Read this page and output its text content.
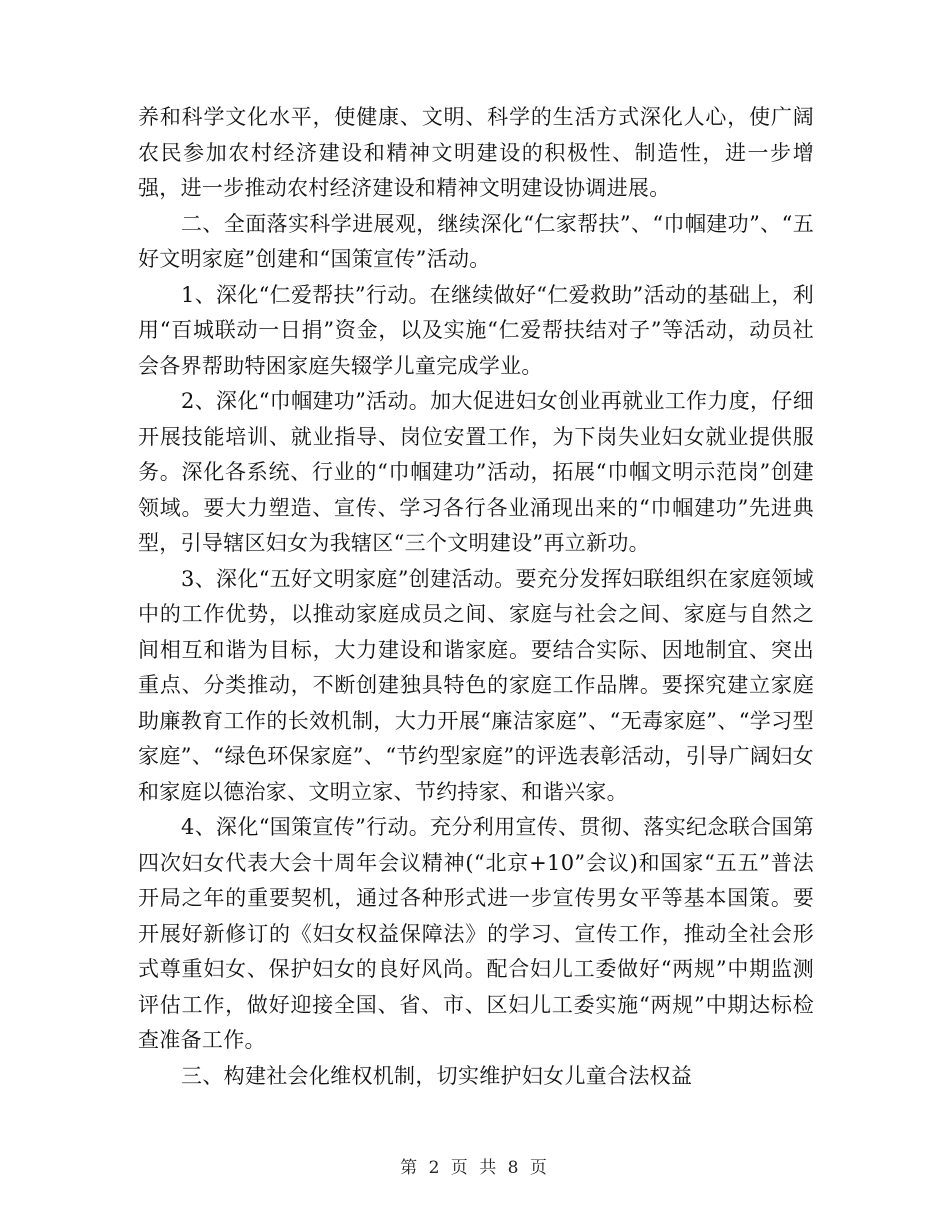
养和科学文化水平，使健康、文明、科学的生活方式深化人心，使广阔农民参加农村经济建设和精神文明建设的积极性、制造性，进一步增强，进一步推动农村经济建设和精神文明建设协调进展。

二、全面落实科学进展观，继续深化“仁家帮扶”、“巾帼建功”、“五好文明家庭”创建和“国策宣传”活动。

1、深化“仁爱帮扶”行动。在继续做好“仁爱救助”活动的基础上，利用“百城联动一日捐”资金，以及实施“仁爱帮扶结对子”等活动，动员社会各界帮助特困家庭失辍学儿童完成学业。

2、深化“巾帼建功”活动。加大促进妇女创业再就业工作力度，仔细开展技能培训、就业指导、岗位安置工作，为下岗失业妇女就业提供服务。深化各系统、行业的“巾帼建功”活动，拓展“巾帼文明示范岗”创建领域。要大力塑造、宣传、学习各行各业涌现出来的“巾帼建功”先进典型，引导辖区妇女为我辖区“三个文明建设”再立新功。

3、深化“五好文明家庭”创建活动。要充分发挥妇联组织在家庭领域中的工作优势，以推动家庭成员之间、家庭与社会之间、家庭与自然之间相互和谐为目标，大力建设和谐家庭。要结合实际、因地制宜、突出重点、分类推动，不断创建独具特色的家庭工作品牌。要探究建立家庭助廉教育工作的长效机制，大力开展“廉洁家庭”、“无毒家庭”、“学习型家庭”、“绿色环保家庭”、“节约型家庭”的评选表彰活动，引导广阔妇女和家庭以德治家、文明立家、节约持家、和谐兴家。

4、深化“国策宣传”行动。充分利用宣传、贯彻、落实纪念联合国第四次妇女代表大会十周年会议精神(“北京+10”会议)和国家“五五”普法开局之年的重要契机，通过各种形式进一步宣传男女平等基本国策。要开展好新修订的《妇女权益保障法》的学习、宣传工作，推动全社会形式尊重妇女、保护妇女的良好风尚。配合妇儿工委做好“两规”中期监测评估工作，做好迎接全国、省、市、区妇儿工委实施“两规”中期达标检查准备工作。

三、构建社会化维权机制，切实维护妇女儿童合法权益

第 2 页 共 8 页
